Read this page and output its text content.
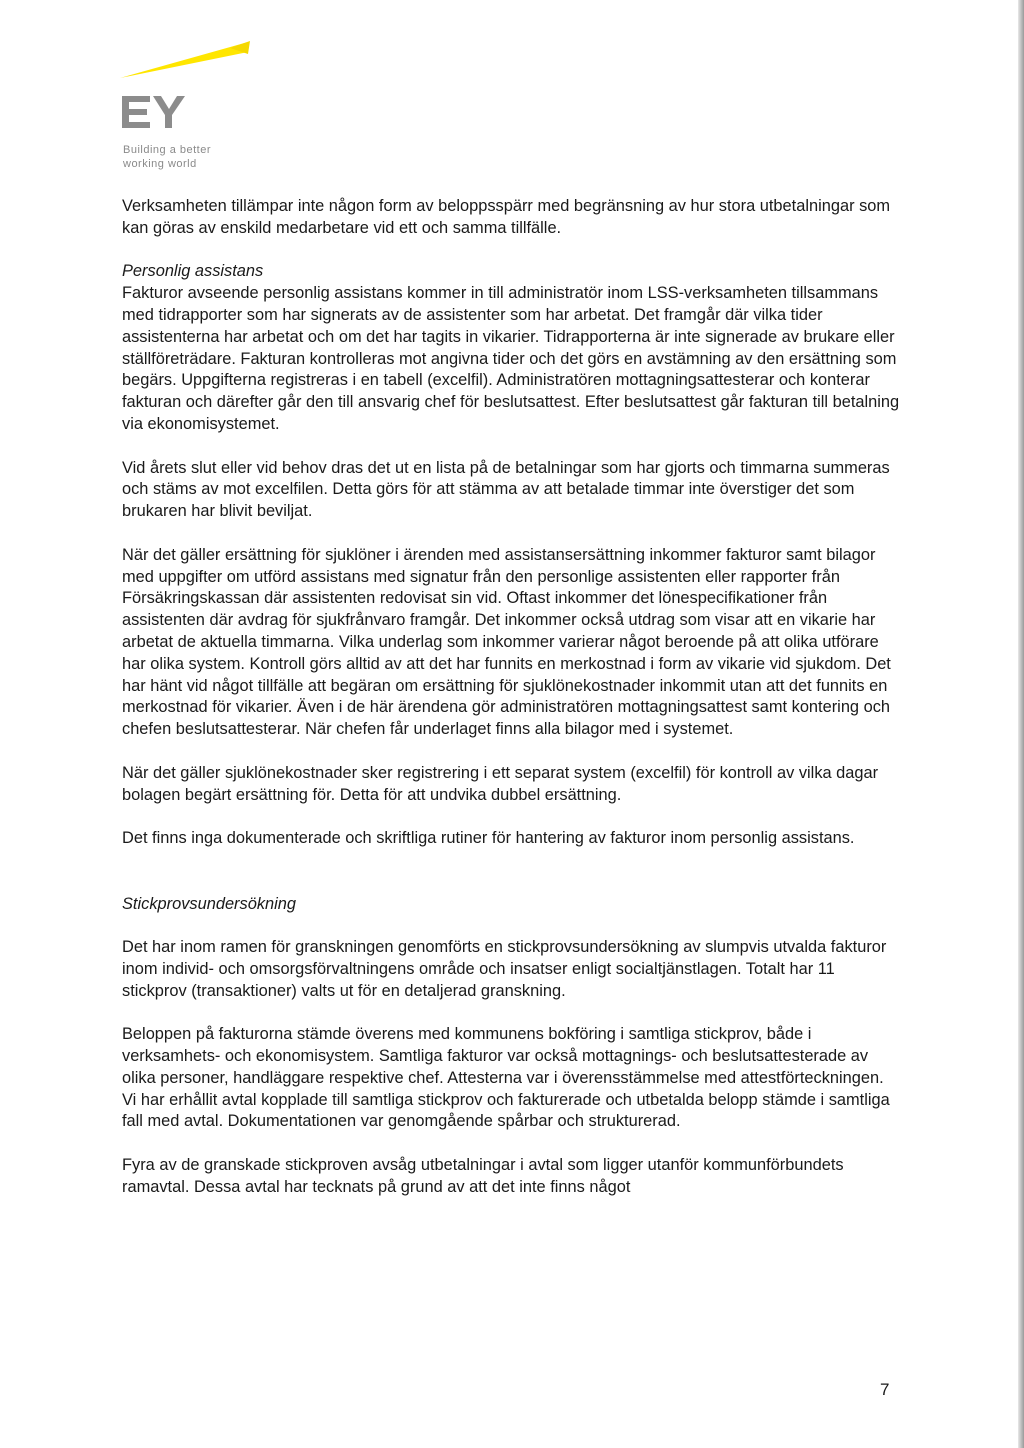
Building a better
working world

Verksamheten tillämpar inte någon form av beloppsspärr med begränsning av hur stora utbetalningar som kan göras av enskild medarbetare vid ett och samma tillfälle.

Personlig assistans

Fakturor avseende personlig assistans kommer in till administratör inom LSS-verksamheten tillsammans med tidrapporter som har signerats av de assistenter som har arbetat. Det framgår där vilka tider assistenterna har arbetat och om det har tagits in vikarier. Tidrapporterna är inte signerade av brukare eller ställföreträdare. Fakturan kontrolleras mot angivna tider och det görs en avstämning av den ersättning som begärs. Uppgifterna registreras i en tabell (excelfil). Administratören mottagningsattesterar och konterar fakturan och därefter går den till ansvarig chef för beslutsattest. Efter beslutsattest går fakturan till betalning via ekonomisystemet.

Vid årets slut eller vid behov dras det ut en lista på de betalningar som har gjorts och timmarna summeras och stäms av mot excelfilen. Detta görs för att stämma av att betalade timmar inte överstiger det som brukaren har blivit beviljat.

När det gäller ersättning för sjuklöner i ärenden med assistansersättning inkommer fakturor samt bilagor med uppgifter om utförd assistans med signatur från den personlige assistenten eller rapporter från Försäkringskassan där assistenten redovisat sin vid. Oftast inkommer det lönespecifikationer från assistenten där avdrag för sjukfrånvaro framgår. Det inkommer också utdrag som visar att en vikarie har arbetat de aktuella timmarna. Vilka underlag som inkommer varierar något beroende på att olika utförare har olika system. Kontroll görs alltid av att det har funnits en merkostnad i form av vikarie vid sjukdom. Det har hänt vid något tillfälle att begäran om ersättning för sjuklönekostnader inkommit utan att det funnits en merkostnad för vikarier. Även i de här ärendena gör administratören mottagningsattest samt kontering och chefen beslutsattesterar. När chefen får underlaget finns alla bilagor med i systemet.

När det gäller sjuklönekostnader sker registrering i ett separat system (excelfil) för kontroll av vilka dagar bolagen begärt ersättning för. Detta för att undvika dubbel ersättning.

Det finns inga dokumenterade och skriftliga rutiner för hantering av fakturor inom personlig assistans.

Stickprovsundersökning

Det har inom ramen för granskningen genomförts en stickprovsundersökning av slumpvis utvalda fakturor inom individ- och omsorgsförvaltningens område och insatser enligt socialtjänstlagen. Totalt har 11 stickprov (transaktioner) valts ut för en detaljerad granskning.

Beloppen på fakturorna stämde överens med kommunens bokföring i samtliga stickprov, både i verksamhets- och ekonomisystem. Samtliga fakturor var också mottagnings- och beslutsattesterade av olika personer, handläggare respektive chef. Attesterna var i överensstämmelse med attestförteckningen. Vi har erhållit avtal kopplade till samtliga stickprov och fakturerade och utbetalda belopp stämde i samtliga fall med avtal. Dokumentationen var genomgående spårbar och strukturerad.

Fyra av de granskade stickproven avsåg utbetalningar i avtal som ligger utanför kommunförbundets ramavtal. Dessa avtal har tecknats på grund av att det inte finns något

7
